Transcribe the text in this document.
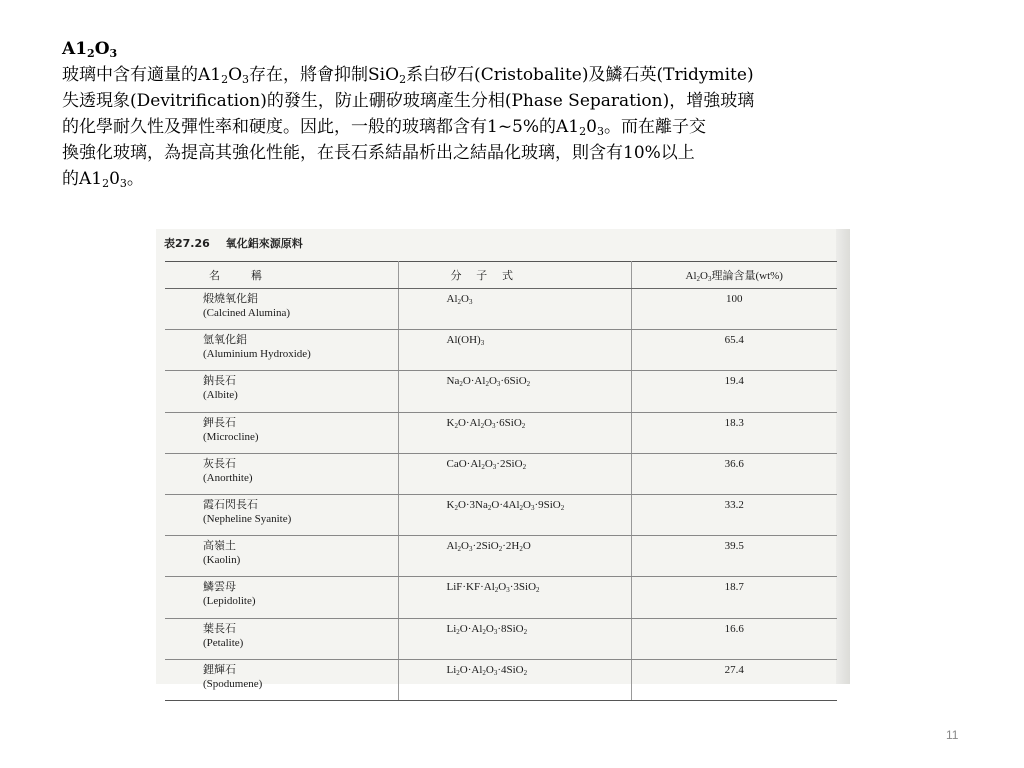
$A1_2O_3$
玻璃中含有適量的$A1_2O_3$存在，將會抑制SiO$_2$系白矽石(Cristobalite)及鱗石英(Tridymite)
失透現象(Devitrification)的發生，防止硼矽玻璃產生分相(Phase Separation)，增強玻璃
的化學耐久性及彈性率和硬度。因此，一般的玻璃都含有1~5%的$A1_20_3$。而在離子交
換強化玻璃，為提高其強化性能，在長石系結晶析出之結晶化玻璃，則含有10%以上
的$A1_20_3$。
表27.26 氧化鋁來源原料
名　稱	分 子 式	$Al_2O_3$理論含量(wt%)

煅燒氧化鋁
(Calcined Alumina)	$Al_2O_3$	100

氫氧化鋁
(Aluminium Hydroxide)	$Al(OH)_3$	65.4

鈉長石
(Albite)	$Na_2O\cdot Al_2O_3\cdot 6SiO_2$	19.4

鉀長石
(Microcline)	$K_2O\cdot Al_2O_3\cdot 6SiO_2$	18.3

灰長石
(Anorthite)	$CaO\cdot Al_2O_3\cdot 2SiO_2$	36.6

霞石閃長石
(Nepheline Syanite)	$K_2O\cdot 3Na_2O\cdot 4Al_2O_3\cdot 9SiO_2$	33.2

高嶺土
(Kaolin)	$Al_2O_3\cdot 2SiO_2\cdot 2H_2O$	39.5

鱗雲母
(Lepidolite)	$LiF\cdot KF\cdot Al_2O_3\cdot 3SiO_2$	18.7

葉長石
(Petalite)	$Li_2O\cdot Al_2O_3\cdot 8SiO_2$	16.6

鋰輝石
(Spodumene)	$Li_2O\cdot Al_2O_3\cdot 4SiO_2$	27.4
11
